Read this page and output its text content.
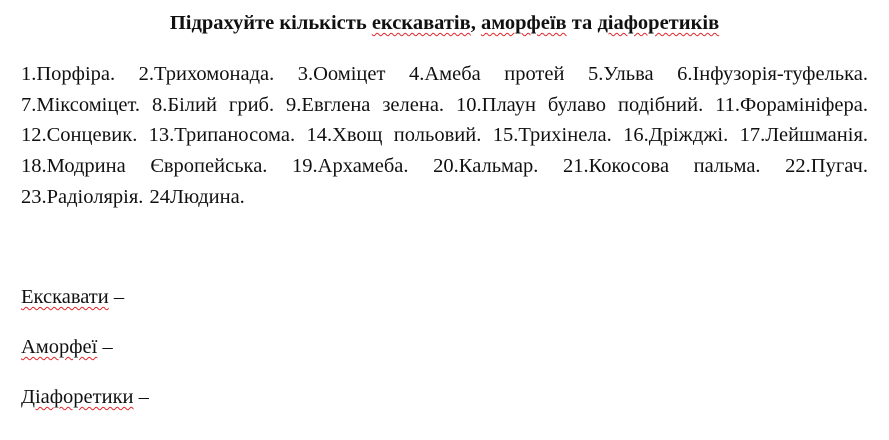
Підрахуйте кількість екскаватів, аморфеїв та діафоретиків
1.Порфіра. 2.Трихомонада. 3.Ооміцет 4.Амеба протей 5.Ульва 6.Інфузорія-туфелька. 7.Міксоміцет. 8.Білий гриб. 9.Евглена зелена. 10.Плаун булаво подібний. 11.Форамініфера. 12.Сонцевик. 13.Трипаносома. 14.Хвощ польовий. 15.Трихінела. 16.Дріжджі. 17.Лейшманія. 18.Модрина Європейська. 19.Архамеба. 20.Кальмар. 21.Кокосова пальма. 22.Пугач. 23.Радіолярія. 24Людина.
Екскавати –
Аморфеї –
Діафоретики –
